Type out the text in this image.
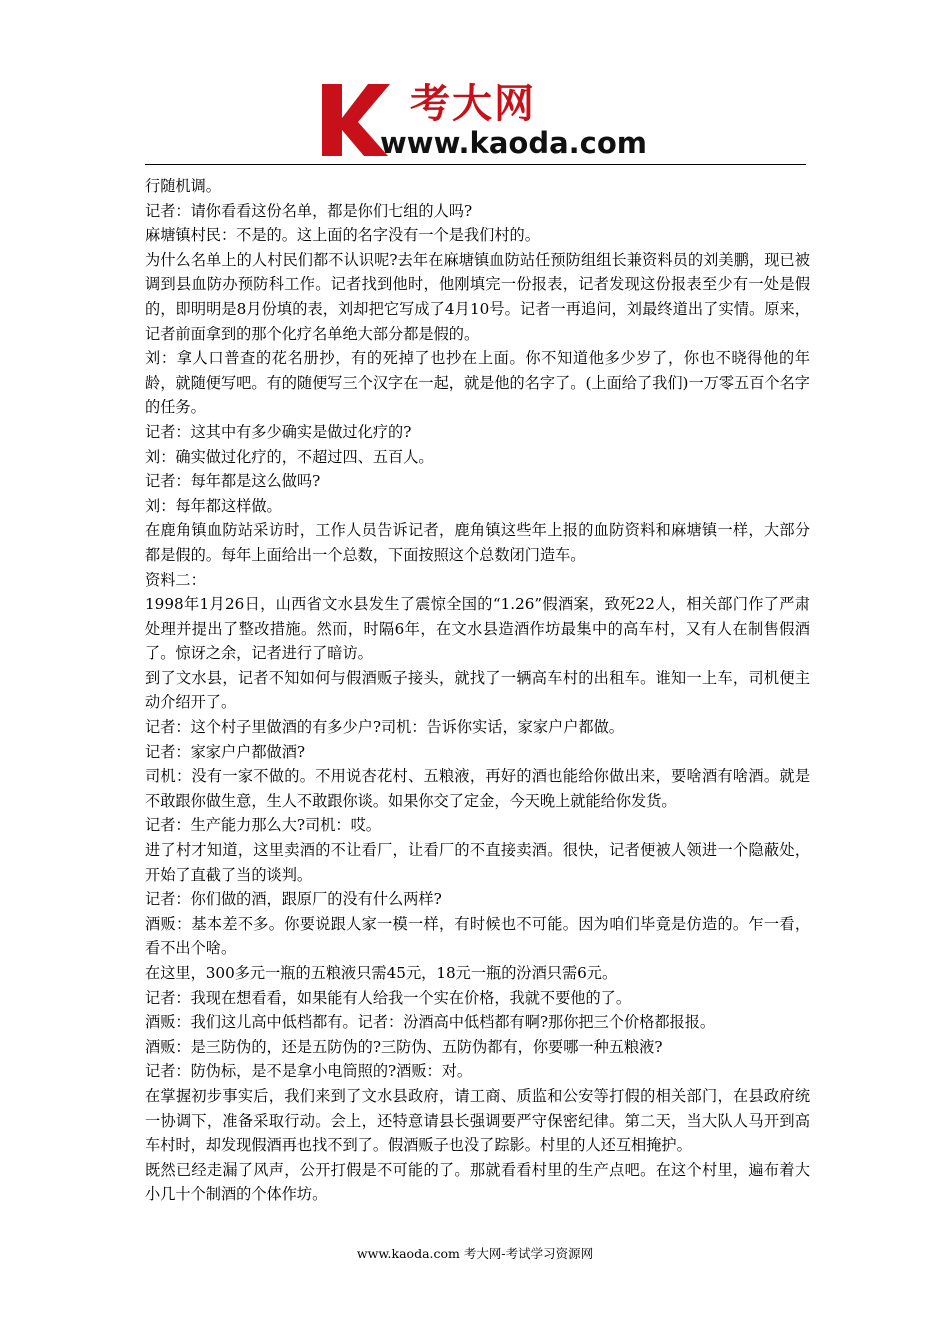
考大网
www.kaoda.com

行随机调。

记者：请你看看这份名单，都是你们七组的人吗?

麻塘镇村民：不是的。这上面的名字没有一个是我们村的。

为什么名单上的人村民们都不认识呢?去年在麻塘镇血防站任预防组组长兼资料员的刘美鹏，现已被调到县血防办预防科工作。记者找到他时，他刚填完一份报表，记者发现这份报表至少有一处是假的，即明明是8月份填的表，刘却把它写成了4月10号。记者一再追问，刘最终道出了实情。原来，记者前面拿到的那个化疗名单绝大部分都是假的。

刘：拿人口普查的花名册抄，有的死掉了也抄在上面。你不知道他多少岁了，你也不晓得他的年龄，就随便写吧。有的随便写三个汉字在一起，就是他的名字了。(上面给了我们)一万零五百个名字的任务。

记者：这其中有多少确实是做过化疗的?

刘：确实做过化疗的，不超过四、五百人。

记者：每年都是这么做吗?

刘：每年都这样做。

在鹿角镇血防站采访时，工作人员告诉记者，鹿角镇这些年上报的血防资料和麻塘镇一样，大部分都是假的。每年上面给出一个总数，下面按照这个总数闭门造车。

资料二：

1998年1月26日，山西省文水县发生了震惊全国的“1.26”假酒案，致死22人，相关部门作了严肃处理并提出了整改措施。然而，时隔6年，在文水县造酒作坊最集中的高车村，又有人在制售假酒了。惊讶之余，记者进行了暗访。

到了文水县，记者不知如何与假酒贩子接头，就找了一辆高车村的出租车。谁知一上车，司机便主动介绍开了。

记者：这个村子里做酒的有多少户?司机：告诉你实话，家家户户都做。

记者：家家户户都做酒?

司机：没有一家不做的。不用说杏花村、五粮液，再好的酒也能给你做出来，要啥酒有啥酒。就是不敢跟你做生意，生人不敢跟你谈。如果你交了定金，今天晚上就能给你发货。

记者：生产能力那么大?司机：哎。

进了村才知道，这里卖酒的不让看厂，让看厂的不直接卖酒。很快，记者便被人领进一个隐蔽处，开始了直截了当的谈判。

记者：你们做的酒，跟原厂的没有什么两样?

酒贩：基本差不多。你要说跟人家一模一样，有时候也不可能。因为咱们毕竟是仿造的。乍一看，看不出个啥。

在这里，300多元一瓶的五粮液只需45元，18元一瓶的汾酒只需6元。

记者：我现在想看看，如果能有人给我一个实在价格，我就不要他的了。

酒贩：我们这儿高中低档都有。记者：汾酒高中低档都有啊?那你把三个价格都报报。

酒贩：是三防伪的，还是五防伪的?三防伪、五防伪都有，你要哪一种五粮液?

记者：防伪标，是不是拿小电筒照的?酒贩：对。

在掌握初步事实后，我们来到了文水县政府，请工商、质监和公安等打假的相关部门，在县政府统一协调下，准备采取行动。会上，还特意请县长强调要严守保密纪律。第二天，当大队人马开到高车村时，却发现假酒再也找不到了。假酒贩子也没了踪影。村里的人还互相掩护。

既然已经走漏了风声，公开打假是不可能的了。那就看看村里的生产点吧。在这个村里，遍布着大小几十个制酒的个体作坊。

www.kaoda.com 考大网-考试学习资源网
